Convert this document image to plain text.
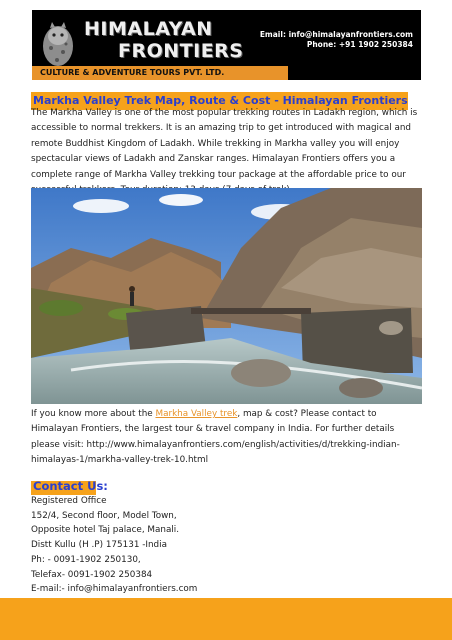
HIMALAYAN
FRONTIERS
CULTURE & ADVENTURE TOURS PVT. LTD.
Email: info@himalayanfrontiers.com
Phone: +91 1902 250384
Markha Valley Trek Map, Route & Cost - Himalayan Frontiers
The Markha Valley is one of the most popular trekking routes in Ladakh region, which is accessible to normal trekkers. It is an amazing trip to get introduced with magical and remote Buddhist Kingdom of Ladakh. While trekking in Markha valley you will enjoy spectacular views of Ladakh and Zanskar ranges. Himalayan Frontiers offers you a complete range of Markha Valley trekking tour package at the affordable price to our
If you know more about the Markha Valley trek, map & cost? Please contact to Himalayan Frontiers, the largest tour & travel company in India. For further details please visit: http://www.himalayanfrontiers.com/english/activities/d/trekking-indian-himalayas-1/markha-valley-trek-10.html
Contact Us:
Registered Office
152/4, Second floor, Model Town,
Opposite hotel Taj palace, Manali.
Distt Kullu (H .P) 175131 -India
Ph: - 0091-1902 250130,
Telefax- 0091-1902 250384
E-mail:- info@himalayanfrontiers.com
